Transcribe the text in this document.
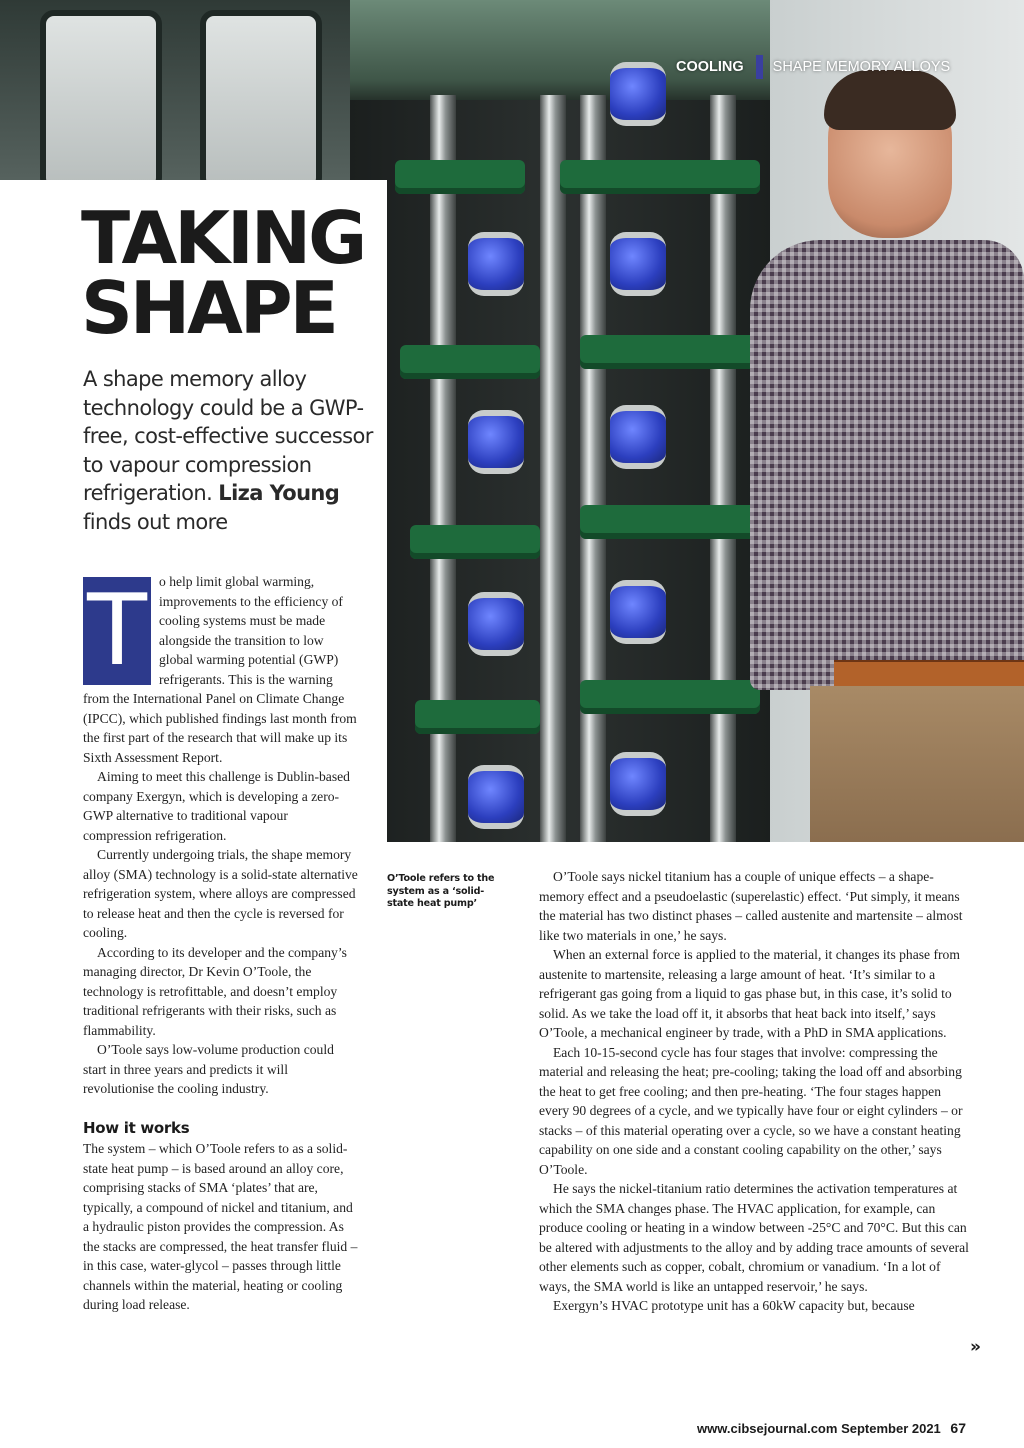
COOLING SHAPE MEMORY ALLOYS
TAKING
SHAPE

A shape memory alloy technology could be a GWP-free, cost-effective successor to vapour compression refrigeration. Liza Young finds out more

T o help limit global warming, improvements to the efficiency of cooling systems must be made alongside the transition to low global warming potential (GWP) refrigerants. This is the warning from the International Panel on Climate Change (IPCC), which published findings last month from the first part of the research that will make up its Sixth Assessment Report.

Aiming to meet this challenge is Dublin-based company Exergyn, which is developing a zero-GWP alternative to traditional vapour compression refrigeration.

Currently undergoing trials, the shape memory alloy (SMA) technology is a solid-state alternative refrigeration system, where alloys are compressed to release heat and then the cycle is reversed for cooling.

According to its developer and the company’s managing director, Dr Kevin O’Toole, the technology is retrofittable, and doesn’t employ traditional refrigerants with their risks, such as flammability.

O’Toole says low-volume production could start in three years and predicts it will revolutionise the cooling industry.

How it works

The system – which O’Toole refers to as a solid-state heat pump – is based around an alloy core, comprising stacks of SMA ‘plates’ that are, typically, a compound of nickel and titanium, and a hydraulic piston provides the compression. As the stacks are compressed, the heat transfer fluid – in this case, water-glycol – passes through little channels within the material, heating or cooling during load release.

O’Toole refers to the system as a ‘solid-state heat pump’

O’Toole says nickel titanium has a couple of unique effects – a shape-memory effect and a pseudoelastic (superelastic) effect. ‘Put simply, it means the material has two distinct phases – called austenite and martensite – almost like two materials in one,’ he says.

When an external force is applied to the material, it changes its phase from austenite to martensite, releasing a large amount of heat. ‘It’s similar to a refrigerant gas going from a liquid to gas phase but, in this case, it’s solid to solid. As we take the load off it, it absorbs that heat back into itself,’ says O’Toole, a mechanical engineer by trade, with a PhD in SMA applications.

Each 10-15-second cycle has four stages that involve: compressing the material and releasing the heat; pre-cooling; taking the load off and absorbing the heat to get free cooling; and then pre-heating. ‘The four stages happen every 90 degrees of a cycle, and we typically have four or eight cylinders – or stacks – of this material operating over a cycle, so we have a constant heating capability on one side and a constant cooling capability on the other,’ says O’Toole.

He says the nickel-titanium ratio determines the activation temperatures at which the SMA changes phase. The HVAC application, for example, can produce cooling or heating in a window between -25°C and 70°C. But this can be altered with adjustments to the alloy and by adding trace amounts of several other elements such as copper, cobalt, chromium or vanadium. ‘In a lot of ways, the SMA world is like an untapped reservoir,’ he says.

Exergyn’s HVAC prototype unit has a 60kW capacity but, because

»
www.cibsejournal.com September 2021 67
